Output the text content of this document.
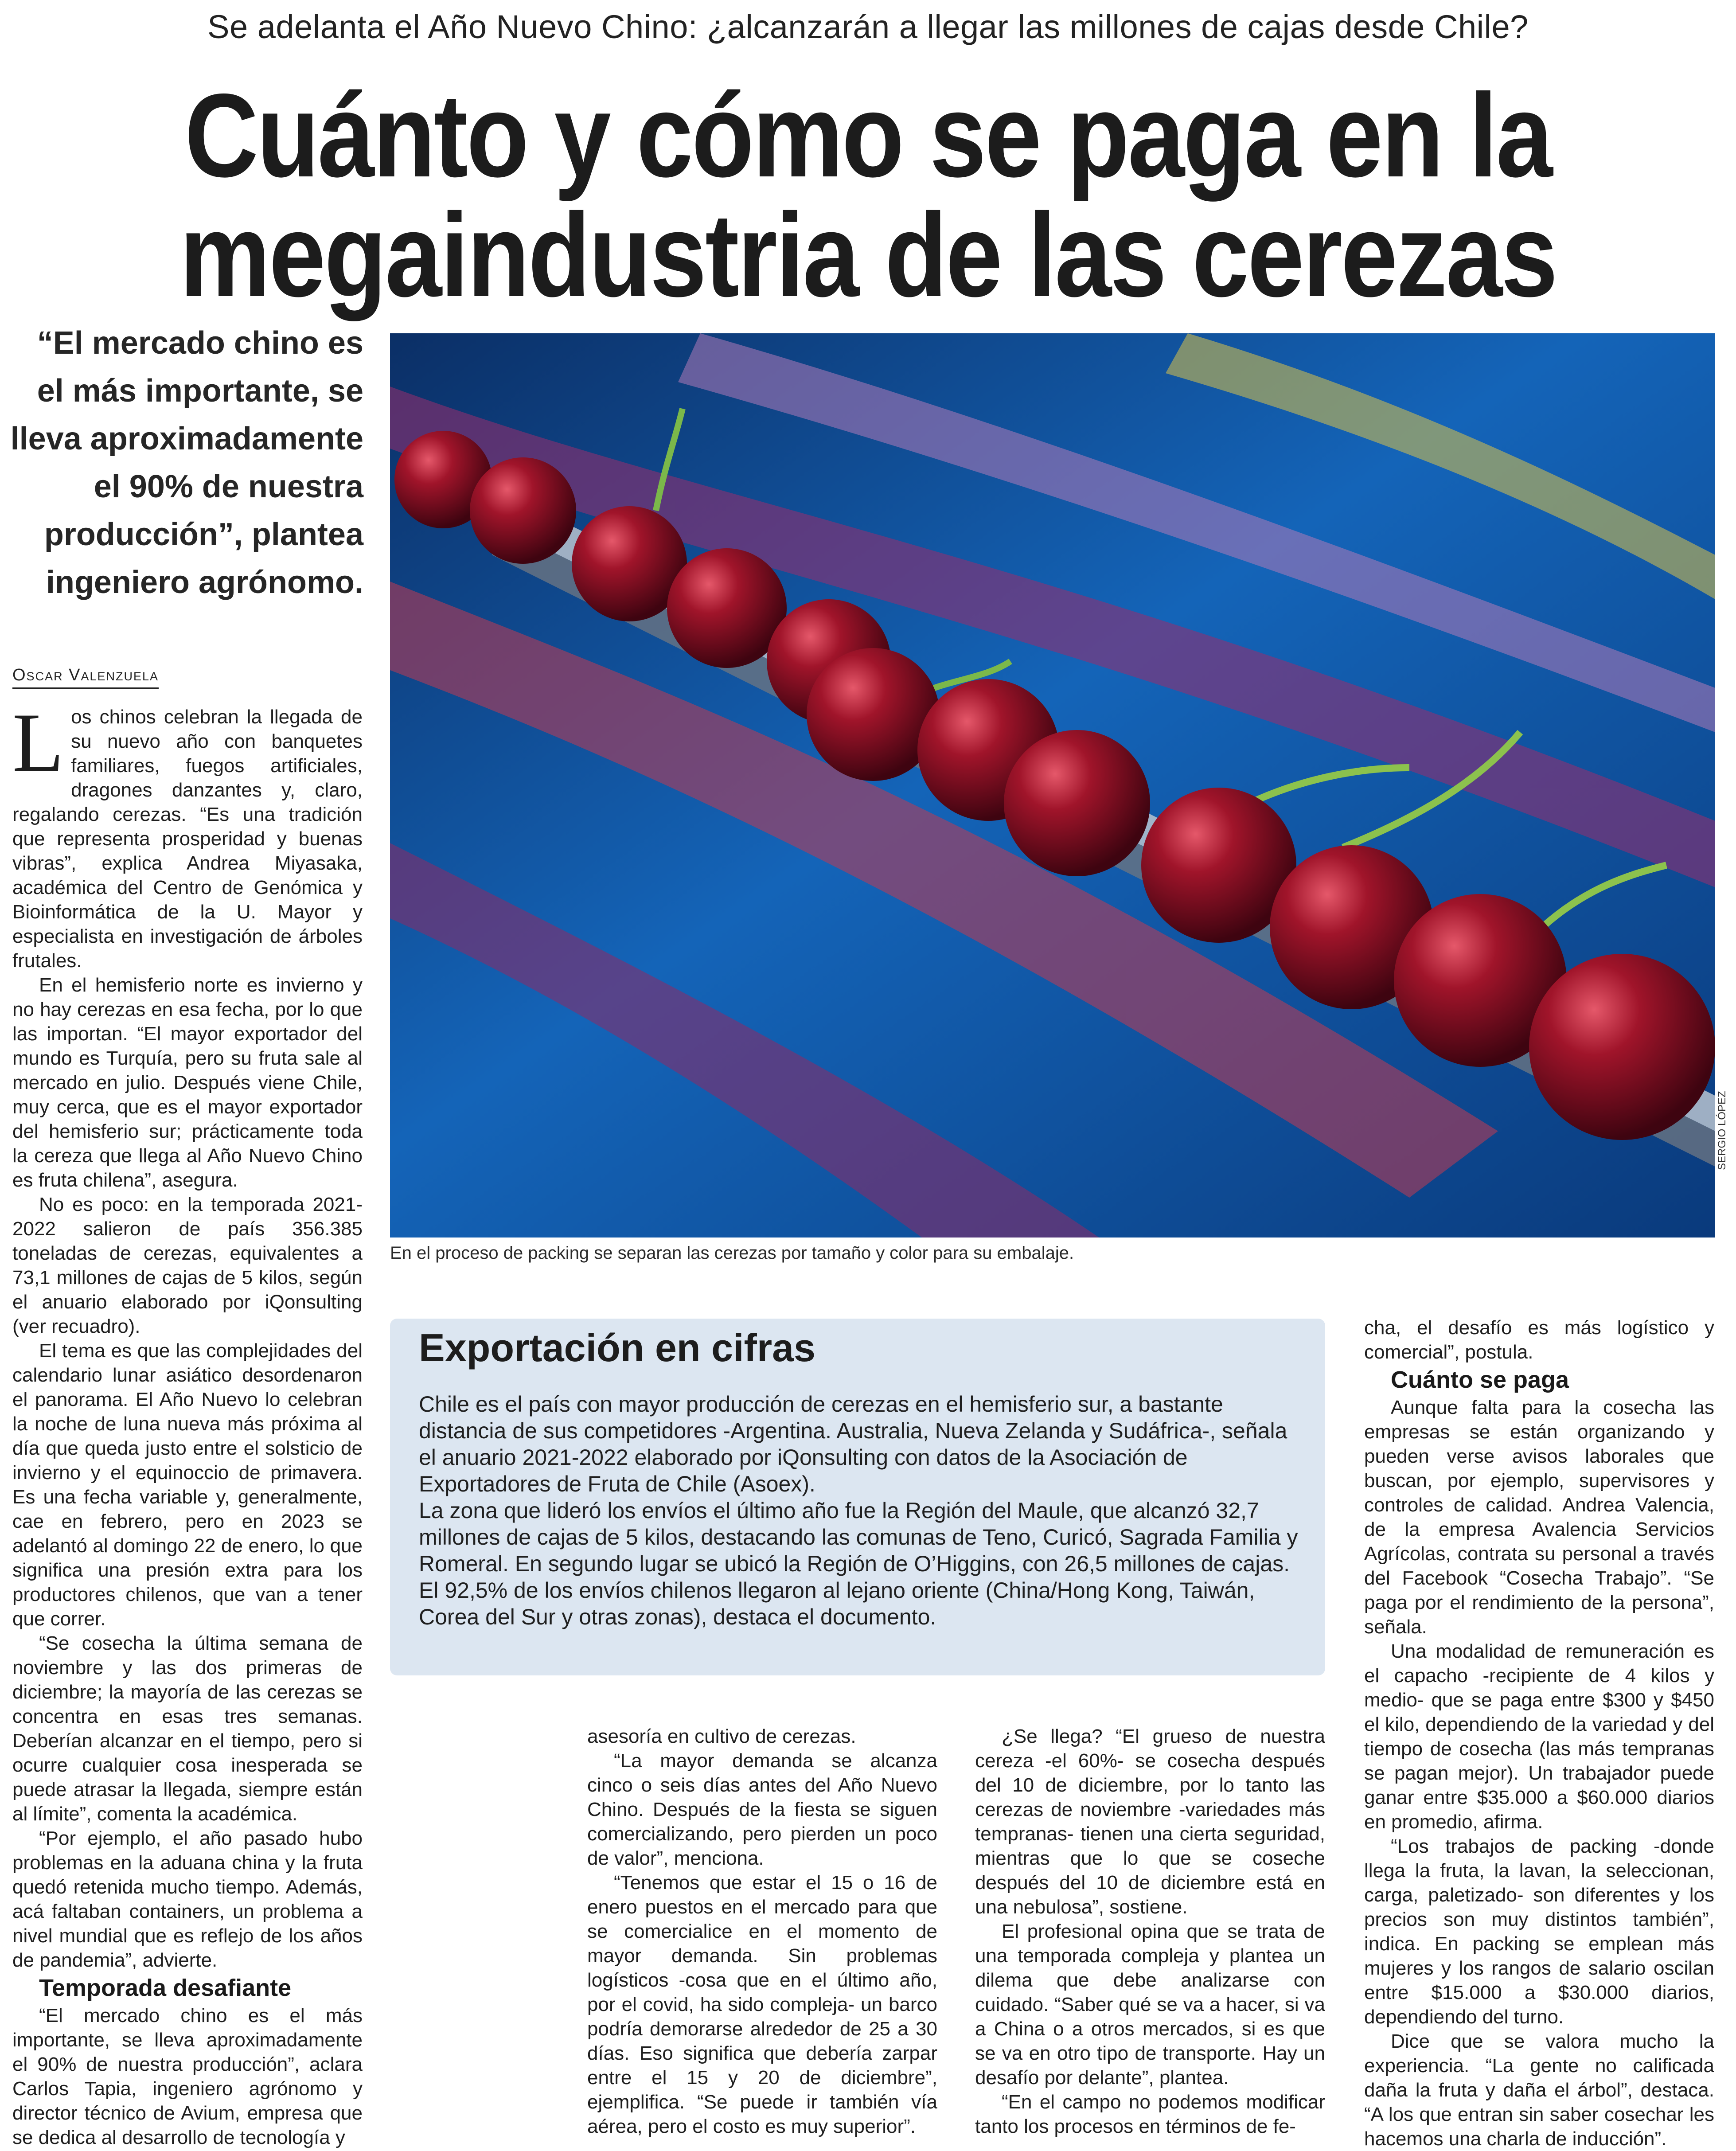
Se adelanta el Año Nuevo Chino: ¿alcanzarán a llegar las millones de cajas desde Chile?
Cuánto y cómo se paga en la
megaindustria de las cerezas
“El mercado chino es el más importante, se lleva aproximadamente el 90% de nuestra producción”, plantea ingeniero agrónomo.
Oscar Valenzuela

Los chinos celebran la llegada de su nuevo año con banquetes familiares, fuegos artificiales, dragones danzantes y, claro, regalando cerezas. “Es una tradición que representa prosperidad y buenas vibras”, explica Andrea Miyasaka, académica del Centro de Genómica y Bioinformática de la U. Mayor y especialista en investigación de árboles frutales.

En el hemisferio norte es invierno y no hay cerezas en esa fecha, por lo que las importan. “El mayor exportador del mundo es Turquía, pero su fruta sale al mercado en julio. Después viene Chile, muy cerca, que es el mayor exportador del hemisferio sur; prácticamente toda la cereza que llega al Año Nuevo Chino es fruta chilena”, asegura.

No es poco: en la temporada 2021-2022 salieron de país 356.385 toneladas de cerezas, equivalentes a 73,1 millones de cajas de 5 kilos, según el anuario elaborado por iQonsulting (ver recuadro).

El tema es que las complejidades del calendario lunar asiático desordenaron el panorama. El Año Nuevo lo celebran la noche de luna nueva más próxima al día que queda justo entre el solsticio de invierno y el equinoccio de primavera. Es una fecha variable y, generalmente, cae en febrero, pero en 2023 se adelantó al domingo 22 de enero, lo que significa una presión extra para los productores chilenos, que van a tener que correr.

“Se cosecha la última semana de noviembre y las dos primeras de diciembre; la mayoría de las cerezas se concentra en esas tres semanas. Deberían alcanzar en el tiempo, pero si ocurre cualquier cosa inesperada se puede atrasar la llegada, siempre están al límite”, comenta la académica.

“Por ejemplo, el año pasado hubo problemas en la aduana china y la fruta quedó retenida mucho tiempo. Además, acá faltaban containers, un problema a nivel mundial que es reflejo de los años de pandemia”, advierte.

Temporada desafiante

“El mercado chino es el más importante, se lleva aproximadamente el 90% de nuestra producción”, aclara Carlos Tapia, ingeniero agrónomo y director técnico de Avium, empresa que se dedica al desarrollo de tecnología y

SERGIO LÓPEZ
En el proceso de packing se separan las cerezas por tamaño y color para su embalaje.
Exportación en cifras

Chile es el país con mayor producción de cerezas en el hemisferio sur, a bastante distancia de sus competidores -Argentina. Australia, Nueva Zelanda y Sudáfrica-, señala el anuario 2021-2022 elaborado por iQonsulting con datos de la Asociación de Exportadores de Fruta de Chile (Asoex).

La zona que lideró los envíos el último año fue la Región del Maule, que alcanzó 32,7 millones de cajas de 5 kilos, destacando las comunas de Teno, Curicó, Sagrada Familia y Romeral. En segundo lugar se ubicó la Región de O’Higgins, con 26,5 millones de cajas.

El 92,5% de los envíos chilenos llegaron al lejano oriente (China/Hong Kong, Taiwán, Corea del Sur y otras zonas), destaca el documento.

asesoría en cultivo de cerezas.

“La mayor demanda se alcanza cinco o seis días antes del Año Nuevo Chino. Después de la fiesta se siguen comercializando, pero pierden un poco de valor”, menciona.

“Tenemos que estar el 15 o 16 de enero puestos en el mercado para que se comercialice en el momento de mayor demanda. Sin problemas logísticos -cosa que en el último año, por el covid, ha sido compleja- un barco podría demorarse alrededor de 25 a 30 días. Eso significa que debería zarpar entre el 15 y 20 de diciembre”, ejemplifica. “Se puede ir también vía aérea, pero el costo es muy superior”.

¿Se llega? “El grueso de nuestra cereza -el 60%- se cosecha después del 10 de diciembre, por lo tanto las cerezas de noviembre -variedades más tempranas- tienen una cierta seguridad, mientras que lo que se coseche después del 10 de diciembre está en una nebulosa”, sostiene.

El profesional opina que se trata de una temporada compleja y plantea un dilema que debe analizarse con cuidado. “Saber qué se va a hacer, si va a China o a otros mercados, si es que se va en otro tipo de transporte. Hay un desafío por delante”, plantea.

“En el campo no podemos modificar tanto los procesos en términos de fe-

cha, el desafío es más logístico y comercial”, postula.

Cuánto se paga

Aunque falta para la cosecha las empresas se están organizando y pueden verse avisos laborales que buscan, por ejemplo, supervisores y controles de calidad. Andrea Valencia, de la empresa Avalencia Servicios Agrícolas, contrata su personal a través del Facebook “Cosecha Trabajo”. “Se paga por el rendimiento de la persona”, señala.

Una modalidad de remuneración es el capacho -recipiente de 4 kilos y medio- que se paga entre $300 y $450 el kilo, dependiendo de la variedad y del tiempo de cosecha (las más tempranas se pagan mejor). Un trabajador puede ganar entre $35.000 a $60.000 diarios en promedio, afirma.

“Los trabajos de packing -donde llega la fruta, la lavan, la seleccionan, carga, paletizado- son diferentes y los precios son muy distintos también”, indica. En packing se emplean más mujeres y los rangos de salario oscilan entre $15.000 a $30.000 diarios, dependiendo del turno.

Dice que se valora mucho la experiencia. “La gente no calificada daña la fruta y daña el árbol”, destaca. “A los que entran sin saber cosechar les hacemos una charla de inducción”.
